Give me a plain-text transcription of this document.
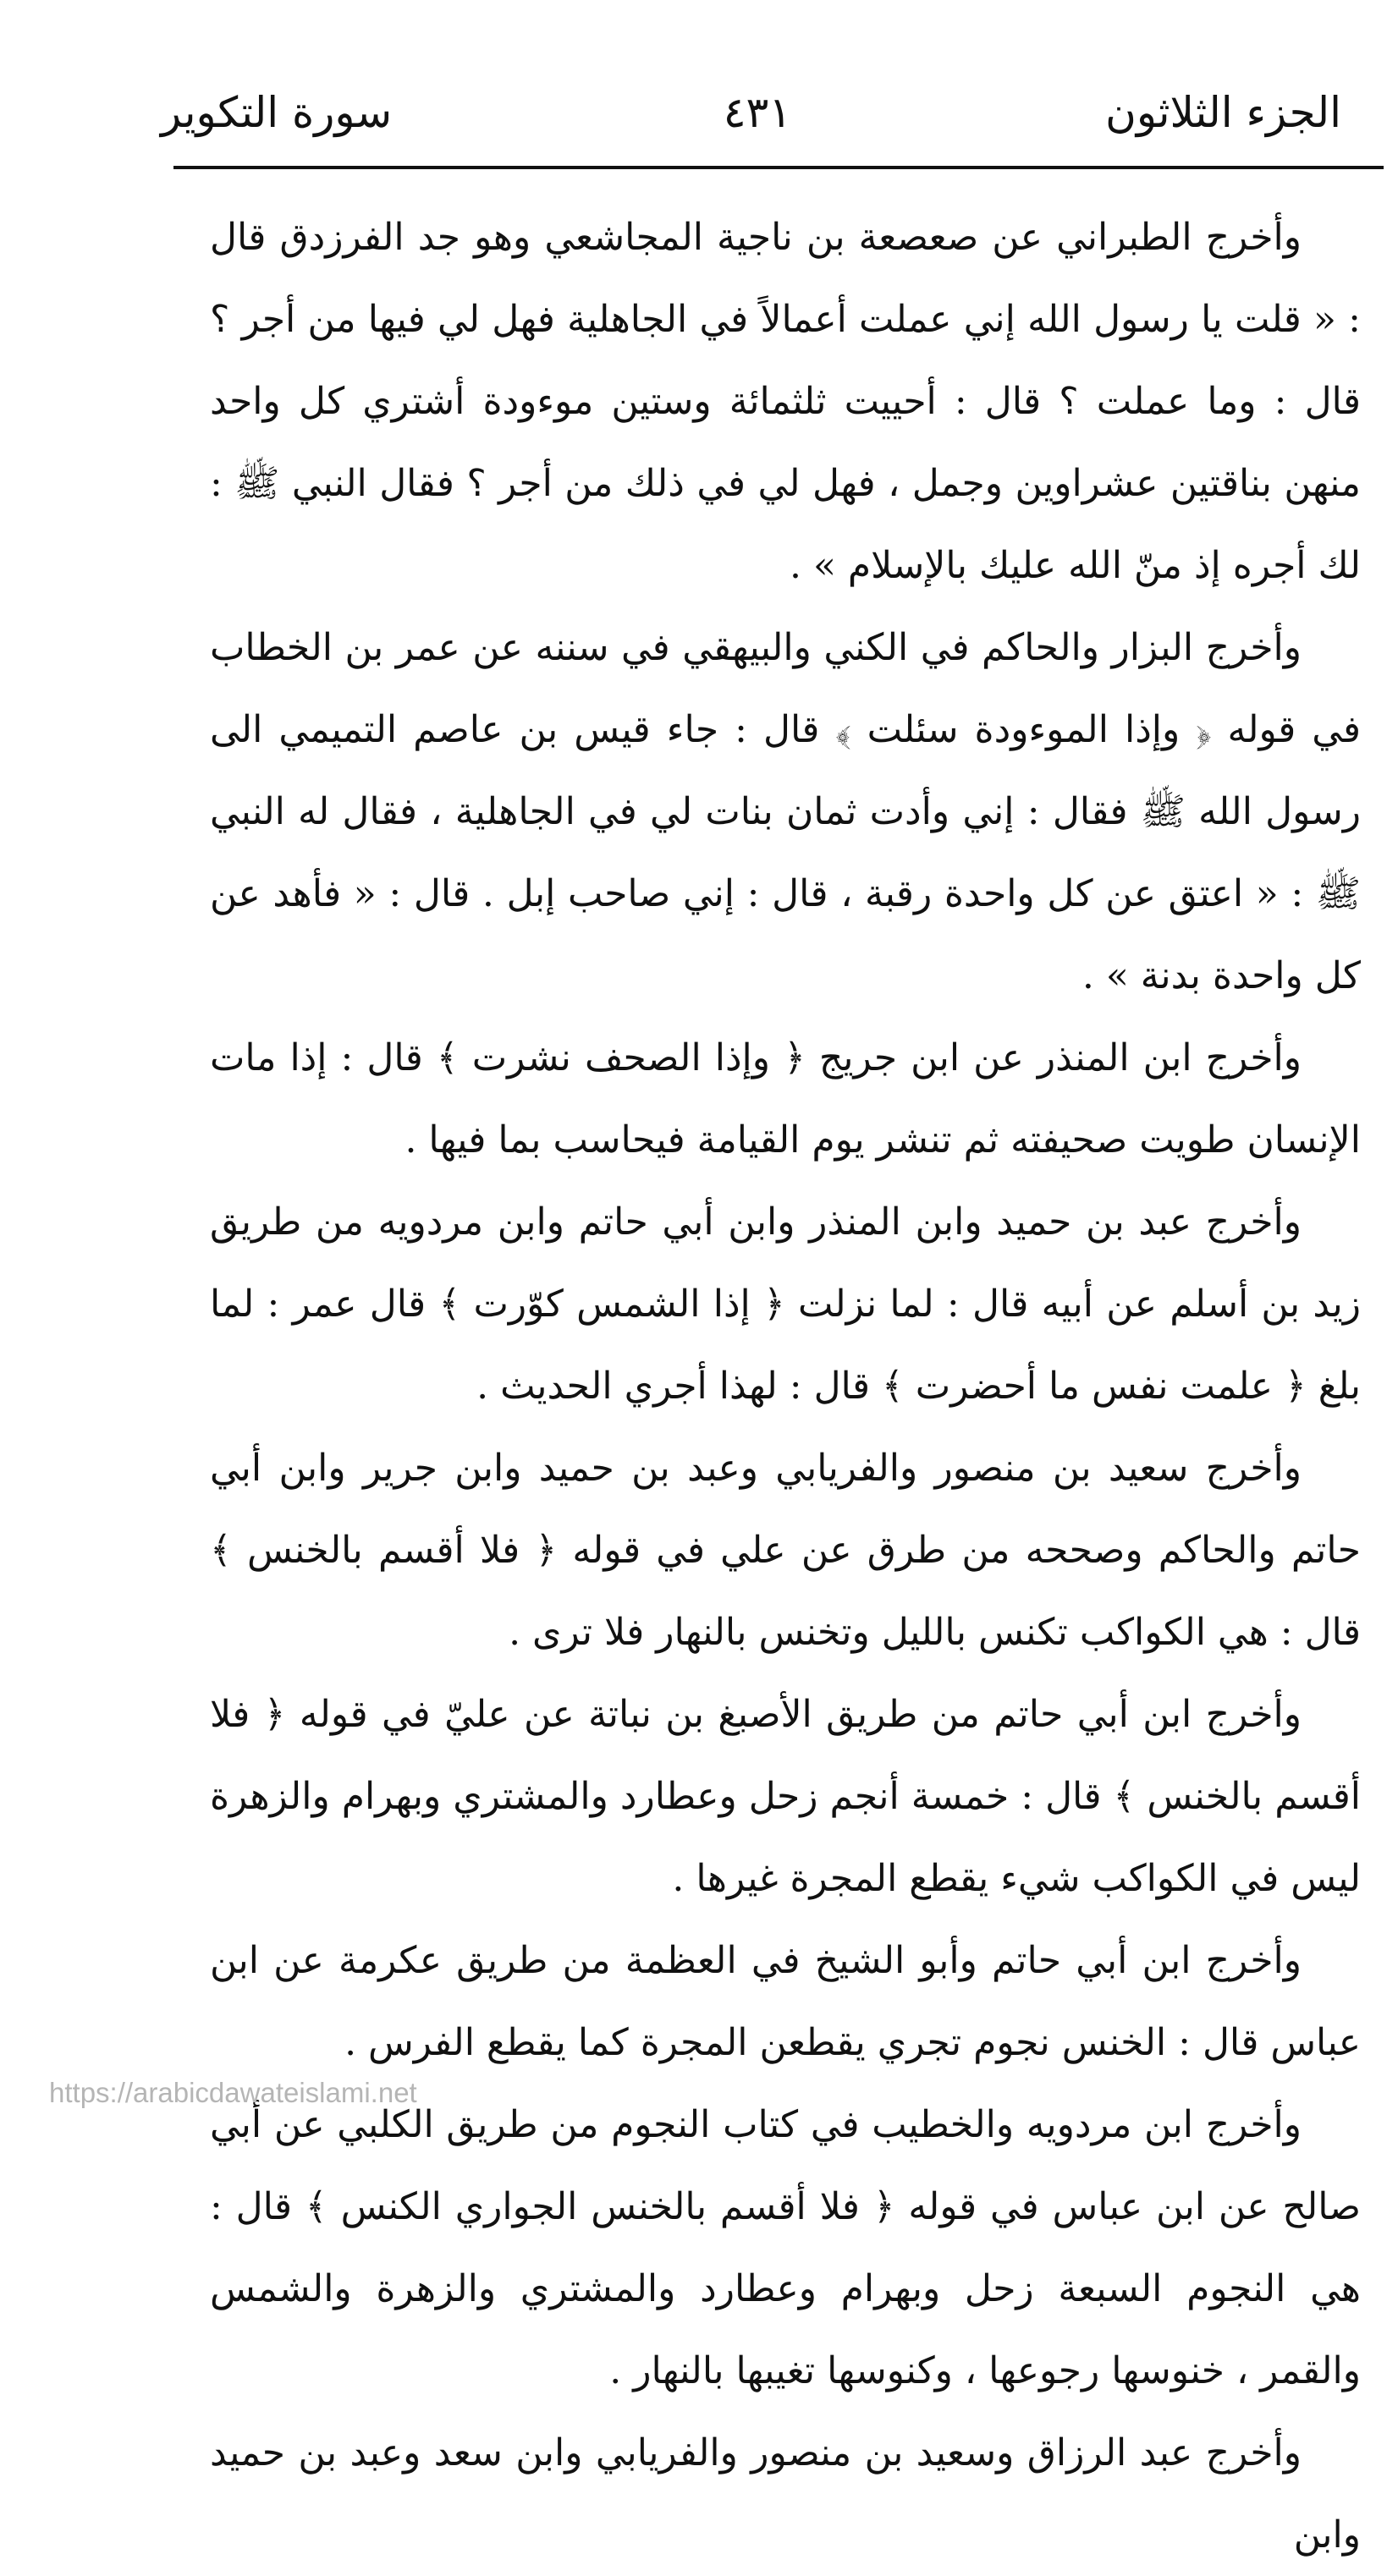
الجزء الثلاثون
٤٣١
سورة التكوير

وأخرج الطبراني عن صعصعة بن ناجية المجاشعي وهو جد الفرزدق قال : « قلت يا رسول الله إني عملت أعمالاً في الجاهلية فهل لي فيها من أجر ؟ قال : وما عملت ؟ قال : أحييت ثلثمائة وستين موءودة أشتري كل واحد منهن بناقتين عشراوين وجمل ، فهل لي في ذلك من أجر ؟ فقال النبي ﷺ : لك أجره إذ منّ الله عليك بالإسلام » .

وأخرج البزار والحاكم في الكني والبيهقي في سننه عن عمر بن الخطاب في قوله ﴿ وإذا الموءودة سئلت ﴾ قال : جاء قيس بن عاصم التميمي الى رسول الله ﷺ فقال : إني وأدت ثمان بنات لي في الجاهلية ، فقال له النبي ﷺ : « اعتق عن كل واحدة رقبة ، قال : إني صاحب إبل . قال : « فأهد عن كل واحدة بدنة » .

وأخرج ابن المنذر عن ابن جريج ﴿ وإذا الصحف نشرت ﴾ قال : إذا مات الإنسان طويت صحيفته ثم تنشر يوم القيامة فيحاسب بما فيها .

وأخرج عبد بن حميد وابن المنذر وابن أبي حاتم وابن مردويه من طريق زيد بن أسلم عن أبيه قال : لما نزلت ﴿ إذا الشمس كوّرت ﴾ قال عمر : لما بلغ ﴿ علمت نفس ما أحضرت ﴾ قال : لهذا أجري الحديث .

وأخرج سعيد بن منصور والفريابي وعبد بن حميد وابن جرير وابن أبي حاتم والحاكم وصححه من طرق عن علي في قوله ﴿ فلا أقسم بالخنس ﴾ قال : هي الكواكب تكنس بالليل وتخنس بالنهار فلا ترى .

وأخرج ابن أبي حاتم من طريق الأصبغ بن نباتة عن عليّ في قوله ﴿ فلا أقسم بالخنس ﴾ قال : خمسة أنجم زحل وعطارد والمشتري وبهرام والزهرة ليس في الكواكب شيء يقطع المجرة غيرها .

وأخرج ابن أبي حاتم وأبو الشيخ في العظمة من طريق عكرمة عن ابن عباس قال : الخنس نجوم تجري يقطعن المجرة كما يقطع الفرس .

وأخرج ابن مردويه والخطيب في كتاب النجوم من طريق الكلبي عن أبي صالح عن ابن عباس في قوله ﴿ فلا أقسم بالخنس الجواري الكنس ﴾ قال : هي النجوم السبعة زحل وبهرام وعطارد والمشتري والزهرة والشمس والقمر ، خنوسها رجوعها ، وكنوسها تغيبها بالنهار .

وأخرج عبد الرزاق وسعيد بن منصور والفريابي وابن سعد وعبد بن حميد وابن

https://arabicdawateislami.net
